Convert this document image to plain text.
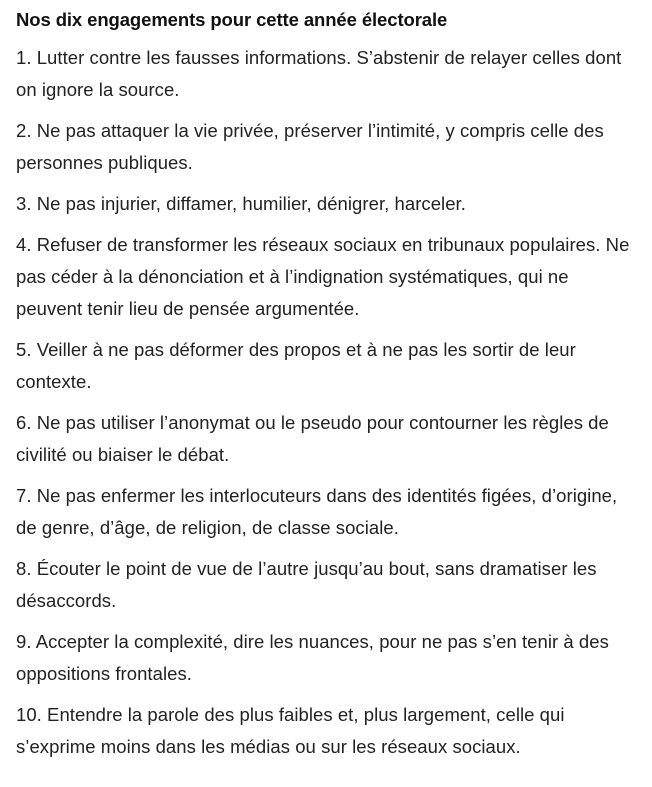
Nos dix engagements pour cette année électorale
1. Lutter contre les fausses informations. S’abstenir de relayer celles dont on ignore la source.
2. Ne pas attaquer la vie privée, préserver l’intimité, y compris celle des personnes publiques.
3. Ne pas injurier, diffamer, humilier, dénigrer, harceler.
4. Refuser de transformer les réseaux sociaux en tribunaux populaires. Ne pas céder à la dénonciation et à l’indignation systématiques, qui ne peuvent tenir lieu de pensée argumentée.
5. Veiller à ne pas déformer des propos et à ne pas les sortir de leur contexte.
6. Ne pas utiliser l’anonymat ou le pseudo pour contourner les règles de civilité ou biaiser le débat.
7. Ne pas enfermer les interlocuteurs dans des identités figées, d’origine, de genre, d’âge, de religion, de classe sociale.
8. Écouter le point de vue de l’autre jusqu’au bout, sans dramatiser les désaccords.
9. Accepter la complexité, dire les nuances, pour ne pas s’en tenir à des oppositions frontales.
10. Entendre la parole des plus faibles et, plus largement, celle qui s’exprime moins dans les médias ou sur les réseaux sociaux.
